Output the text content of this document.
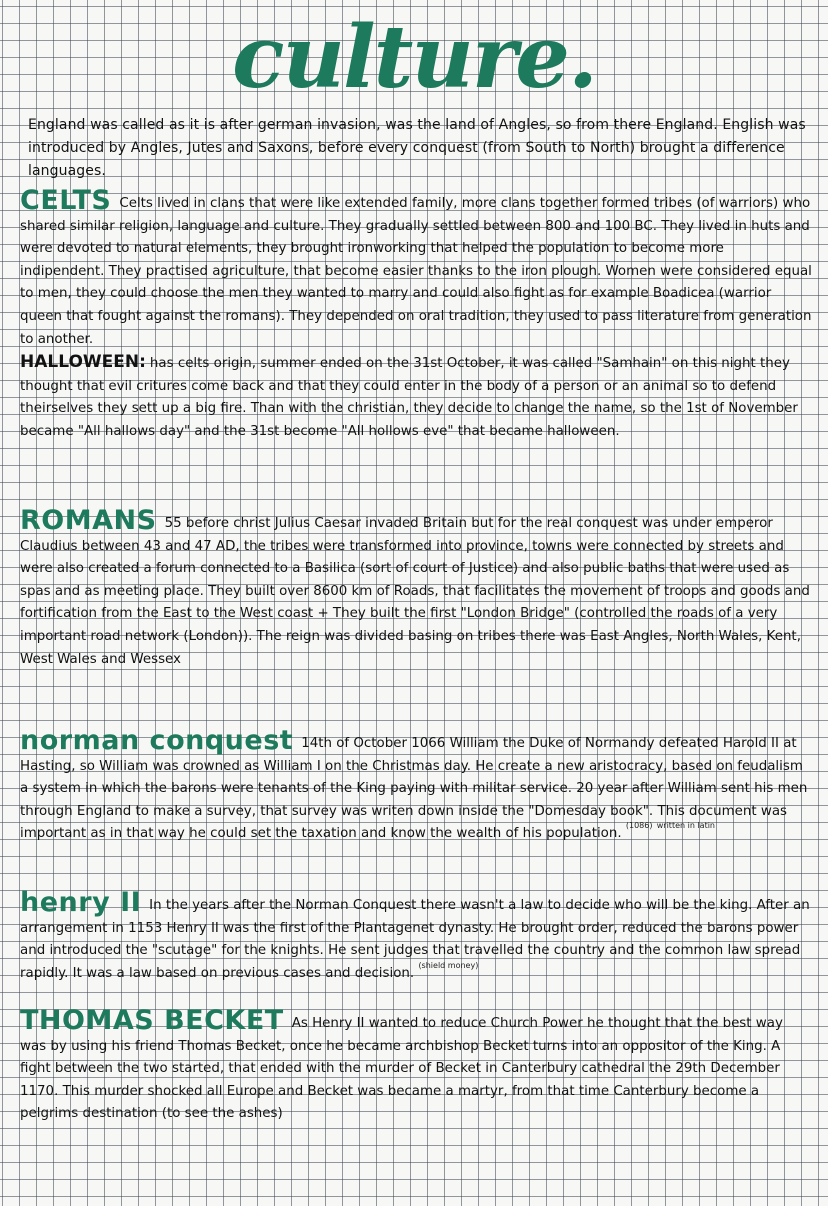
culture.
England was called as it is after german invasion, was the land of Angles, so from there England. English was introduced by Angles, Jutes and Saxons, before every conquest (from South to North) brought a difference languages.
CELTS Celts lived in clans that were like extended family, more clans together formed tribes (of warriors) who shared similar religion, language and culture. They gradually settled between 800 and 100 BC. They lived in huts and were devoted to natural elements, they brought ironworking that helped the population to become more indipendent. They practised agriculture, that become easier thanks to the iron plough. Women were considered equal to men, they could choose the men they wanted to marry and could also fight as for example Boadicea (warrior queen that fought against the romans). They depended on oral tradition, they used to pass literature from generation to another.
HALLOWEEN: has celts origin, summer ended on the 31st October, it was called "Samhain" on this night they thought that evil critures come back and that they could enter in the body of a person or an animal so to defend theirselves they sett up a big fire. Than with the christian, they decide to change the name, so the 1st of November became "All hallows day" and the 31st become "All hollows eve" that became halloween.
ROMANS 55 before christ Julius Caesar invaded Britain but for the real conquest was under emperor Claudius between 43 and 47 AD, the tribes were transformed into province, towns were connected by streets and were also created a forum connected to a Basilica (sort of court of Justice) and also public baths that were used as spas and as meeting place. They built over 8600 km of Roads, that facilitates the movement of troops and goods and fortification from the East to the West coast + They built the first "London Bridge" (controlled the roads of a very important road network (London)). The reign was divided basing on tribes there was East Angles, North Wales, Kent, West Wales and Wessex
norman conquest 14th of October 1066 William the Duke of Normandy defeated Harold II at Hasting, so William was crowned as William I on the Christmas day. He create a new aristocracy, based on feudalism a system in which the barons were tenants of the King paying with militar service. 20 year after William sent his men through England to make a survey, that survey was writen down inside the "Domesday book". This document was important as in that way he could set the taxation and know the wealth of his population. $^{(1086)}$ $^{written in latin}$
henry II In the years after the Norman Conquest there wasn't a law to decide who will be the king. After an arrangement in 1153 Henry II was the first of the Plantagenet dynasty. He brought order, reduced the barons power and introduced the "scutage" for the knights. He sent judges that travelled the country and the common law spread rapidly. It was a law based on previous cases and decision. $^{(shield money)}$
THOMAS BECKET As Henry II wanted to reduce Church Power he thought that the best way was by using his friend Thomas Becket, once he became archbishop Becket turns into an oppositor of the King. A fight between the two started, that ended with the murder of Becket in Canterbury cathedral the 29th December 1170. This murder shocked all Europe and Becket was became a martyr, from that time Canterbury become a pelgrims destination (to see the ashes)
